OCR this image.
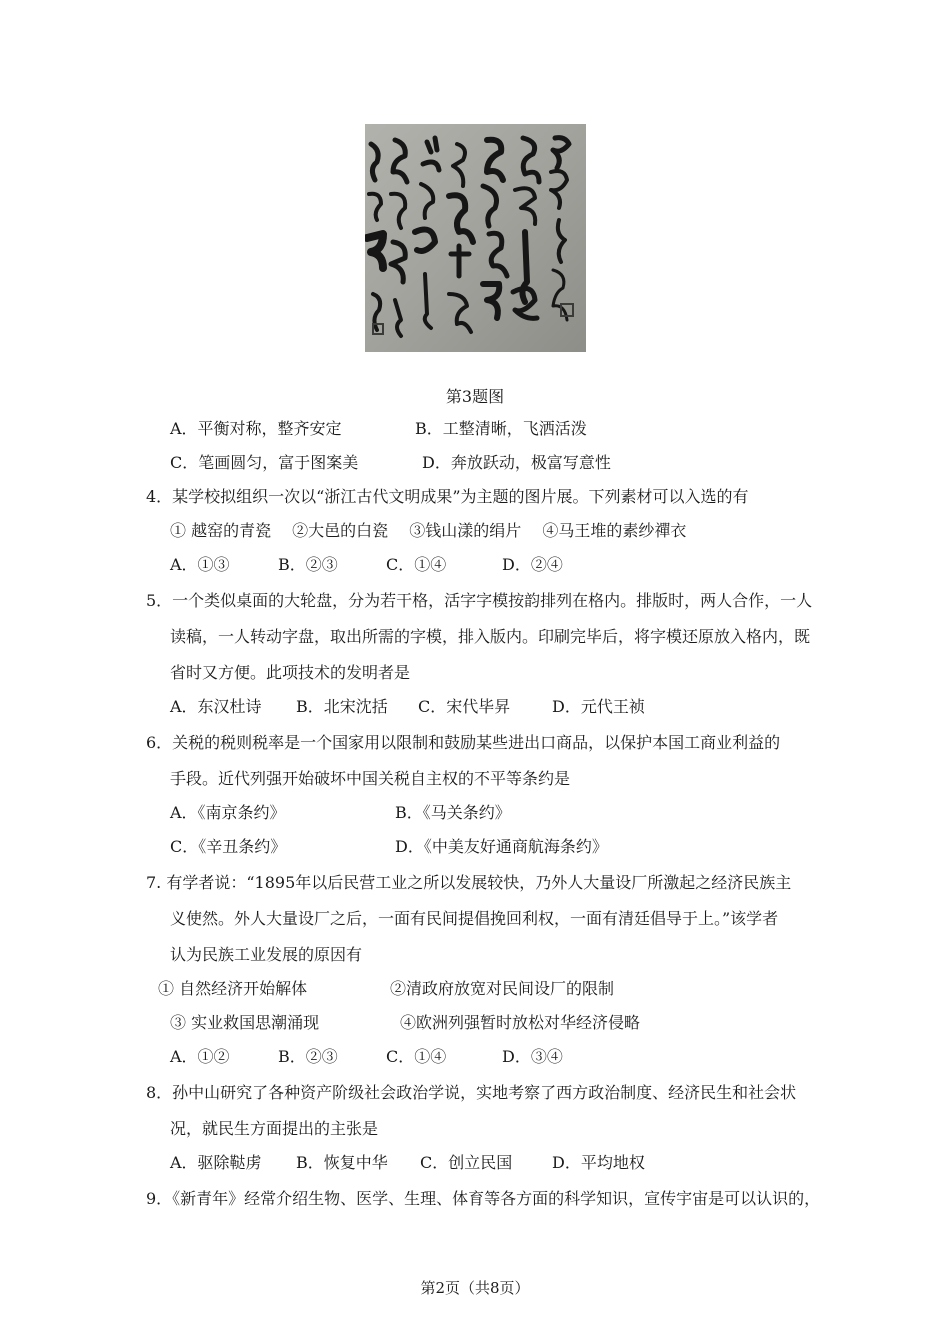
第3题图
A．平衡对称，整齐安定	B．工整清晰，飞洒活泼
C．笔画圆匀，富于图案美	D．奔放跃动，极富写意性
4．某学校拟组织一次以“浙江古代文明成果”为主题的图片展。下列素材可以入选的有
① 越窑的青瓷　 ②大邑的白瓷　 ③钱山漾的绢片　 ④马王堆的素纱禪衣
A．①③	B．②③	C．①④	D．②④
5．一个类似桌面的大轮盘，分为若干格，活字字模按韵排列在格内。排版时，两人合作，一人
读稿，一人转动字盘，取出所需的字模，排入版内。印刷完毕后，将字模还原放入格内，既
省时又方便。此项技术的发明者是
A．东汉杜诗 B．北宋沈括 C．宋代毕昇	D．元代王祯
6．关税的税则税率是一个国家用以限制和鼓励某些进出口商品，以保护本国工商业利益的
手段。近代列强开始破坏中国关税自主权的不平等条约是
A．《南京条约》	B．《马关条约》
C．《辛丑条约》	D．《中美友好通商航海条约》
7. 有学者说：“1895年以后民营工业之所以发展较快，乃外人大量设厂所激起之经济民族主
义使然。外人大量设厂之后，一面有民间提倡挽回利权，一面有清廷倡导于上。”该学者
认为民族工业发展的原因有
① 自然经济开始解体	②清政府放宽对民间设厂的限制
③ 实业救国思潮涌现	④欧洲列强暂时放松对华经济侵略
A．①②	B．②③	C．①④	D．③④
8．孙中山研究了各种资产阶级社会政治学说，实地考察了西方政治制度、经济民生和社会状
况，就民生方面提出的主张是
A．驱除鞑虏 B．恢复中华 C．创立民国 D．平均地权
9．《新青年》经常介绍生物、医学、生理、体育等各方面的科学知识，宣传宇宙是可以认识的，
第2页（共8页）
